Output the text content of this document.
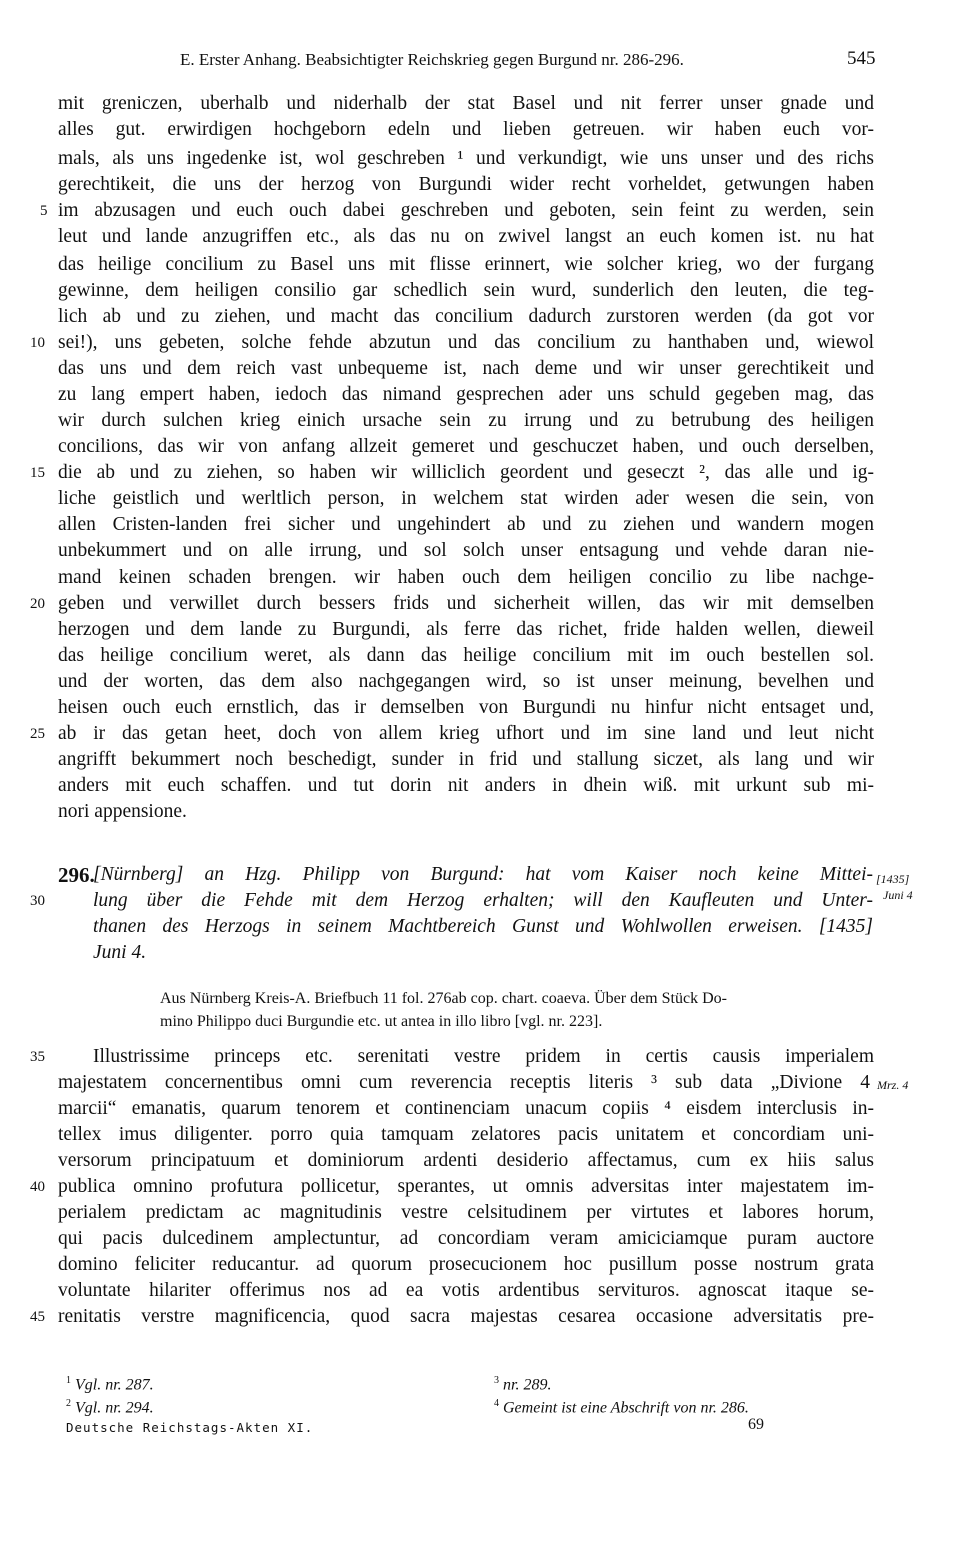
E. Erster Anhang. Beabsichtigter Reichskrieg gegen Burgund nr. 286-296.	545
mit greniczen, uberhalb und niderhalb der stat Basel und nit ferrer unser gnade und
alles gut. erwirdigen hochgeborn edeln und lieben getreuen. wir haben euch vor-
mals, als uns ingedenke ist, wol geschreben ¹ und verkundigt, wie uns unser und des richs
gerechtikeit, die uns der herzog von Burgundi wider recht vorheldet, getwungen haben
im abzusagen und euch ouch dabei geschreben und geboten, sein feint zu werden, sein
leut und lande anzugriffen etc., als das nu on zwivel langst an euch komen ist. nu hat
das heilige concilium zu Basel uns mit flisse erinnert, wie solcher krieg, wo der furgang
gewinne, dem heiligen consilio gar schedlich sein wurd, sunderlich den leuten, die teg-
lich ab und zu ziehen, und macht das concilium dadurch zurstoren werden (da got vor
sei!), uns gebeten, solche fehde abzutun und das concilium zu hanthaben und, wiewol
das uns und dem reich vast unbequeme ist, nach deme und wir unser gerechtikeit und
zu lang empert haben, iedoch das nimand gesprechen ader uns schuld gegeben mag, das
wir durch sulchen krieg einich ursache sein zu irrung und zu betrubung des heiligen
concilions, das wir von anfang allzeit gemeret und geschuczet haben, und ouch derselben,
die ab und zu ziehen, so haben wir williclich geordent und geseczt ², das alle und ig-
liche geistlich und werltlich person, in welchem stat wirden ader wesen die sein, von
allen Cristen-landen frei sicher und ungehindert ab und zu ziehen und wandern mogen
unbekummert und on alle irrung, und sol solch unser entsagung und vehde daran nie-
mand keinen schaden brengen. wir haben ouch dem heiligen concilio zu libe nachge-
geben und verwillet durch bessers frids und sicherheit willen, das wir mit demselben
herzogen und dem lande zu Burgundi, als ferre das richet, fride halden wellen, dieweil
das heilige concilium weret, als dann das heilige concilium mit im ouch bestellen sol.
und der worten, das dem also nachgegangen wird, so ist unser meinung, bevelhen und
heisen ouch euch ernstlich, das ir demselben von Burgundi nu hinfur nicht entsaget und,
ab ir das getan heet, doch von allem krieg ufhort und im sine land und leut nicht
angrifft bekummert noch beschedigt, sunder in frid und stallung siczet, als lang und wir
anders mit euch schaffen. und tut dorin nit anders in dhein wiß. mit urkunt sub mi-
nori appensione.
5
10
15
20
25
30
35
40
45
296.
[Nürnberg] an Hzg. Philipp von Burgund: hat vom Kaiser noch keine Mittei-
lung über die Fehde mit dem Herzog erhalten; will den Kaufleuten und Unter-
thanen des Herzogs in seinem Machtbereich Gunst und Wohlwollen erweisen. [1435]
Juni 4.
[1435]
Juni 4
Aus Nürnberg Kreis-A. Briefbuch 11 fol. 276ab cop. chart. coaeva. Über dem Stück Do-
mino Philippo duci Burgundie etc. ut antea in illo libro [vgl. nr. 223].
Illustrissime princeps etc. serenitati vestre pridem in certis causis imperialem
majestatem concernentibus omni cum reverencia receptis literis ³ sub data „Divione 4
marcii“ emanatis, quarum tenorem et continenciam unacum copiis ⁴ eisdem interclusis in-
tellex imus diligenter. porro quia tamquam zelatores pacis unitatem et concordiam uni-
versorum principatuum et dominiorum ardenti desiderio affectamus, cum ex hiis salus
publica omnino profutura pollicetur, sperantes, ut omnis adversitas inter majestatem im-
perialem predictam ac magnitudinis vestre celsitudinem per virtutes et labores horum,
qui pacis dulcedinem amplectuntur, ad concordiam veram amiciciamque puram auctore
domino feliciter reducantur. ad quorum prosecucionem hoc pusillum posse nostrum grata
voluntate hilariter offerimus nos ad ea votis ardentibus servituros. agnoscat itaque se-
renitatis verstre magnificencia, quod sacra majestas cesarea occasione adversitatis pre-
Mrz. 4
$^1$ Vgl. nr. 287.
$^2$ Vgl. nr. 294.
$^3$ nr. 289.
$^4$ Gemeint ist eine Abschrift von nr. 286.
Deutsche Reichstags-Akten XI.	69
